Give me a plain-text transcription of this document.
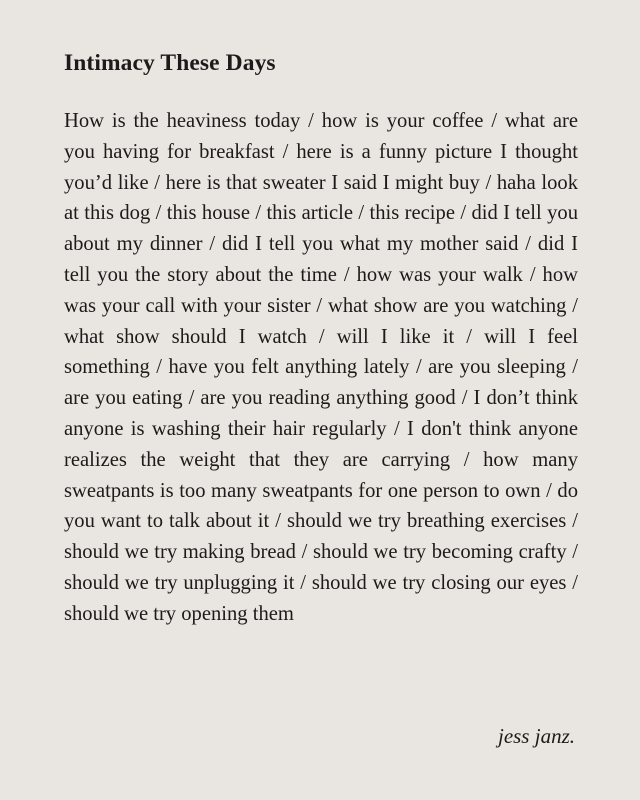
Intimacy These Days

How is the heaviness today / how is your coffee / what are you having for breakfast / here is a funny picture I thought you’d like / here is that sweater I said I might buy / haha look at this dog / this house / this article / this recipe / did I tell you about my dinner / did I tell you what my mother said / did I tell you the story about the time / how was your walk / how was your call with your sister / what show are you watching / what show should I watch / will I like it / will I feel something / have you felt anything lately / are you sleeping / are you eating / are you reading anything good / I don’t think anyone is washing their hair regularly / I don't think anyone realizes the weight that they are carrying / how many sweatpants is too many sweatpants for one person to own / do you want to talk about it / should we try breathing exercises / should we try making bread / should we try becoming crafty / should we try unplugging it / should we try closing our eyes / should we try opening them

jess janz.
